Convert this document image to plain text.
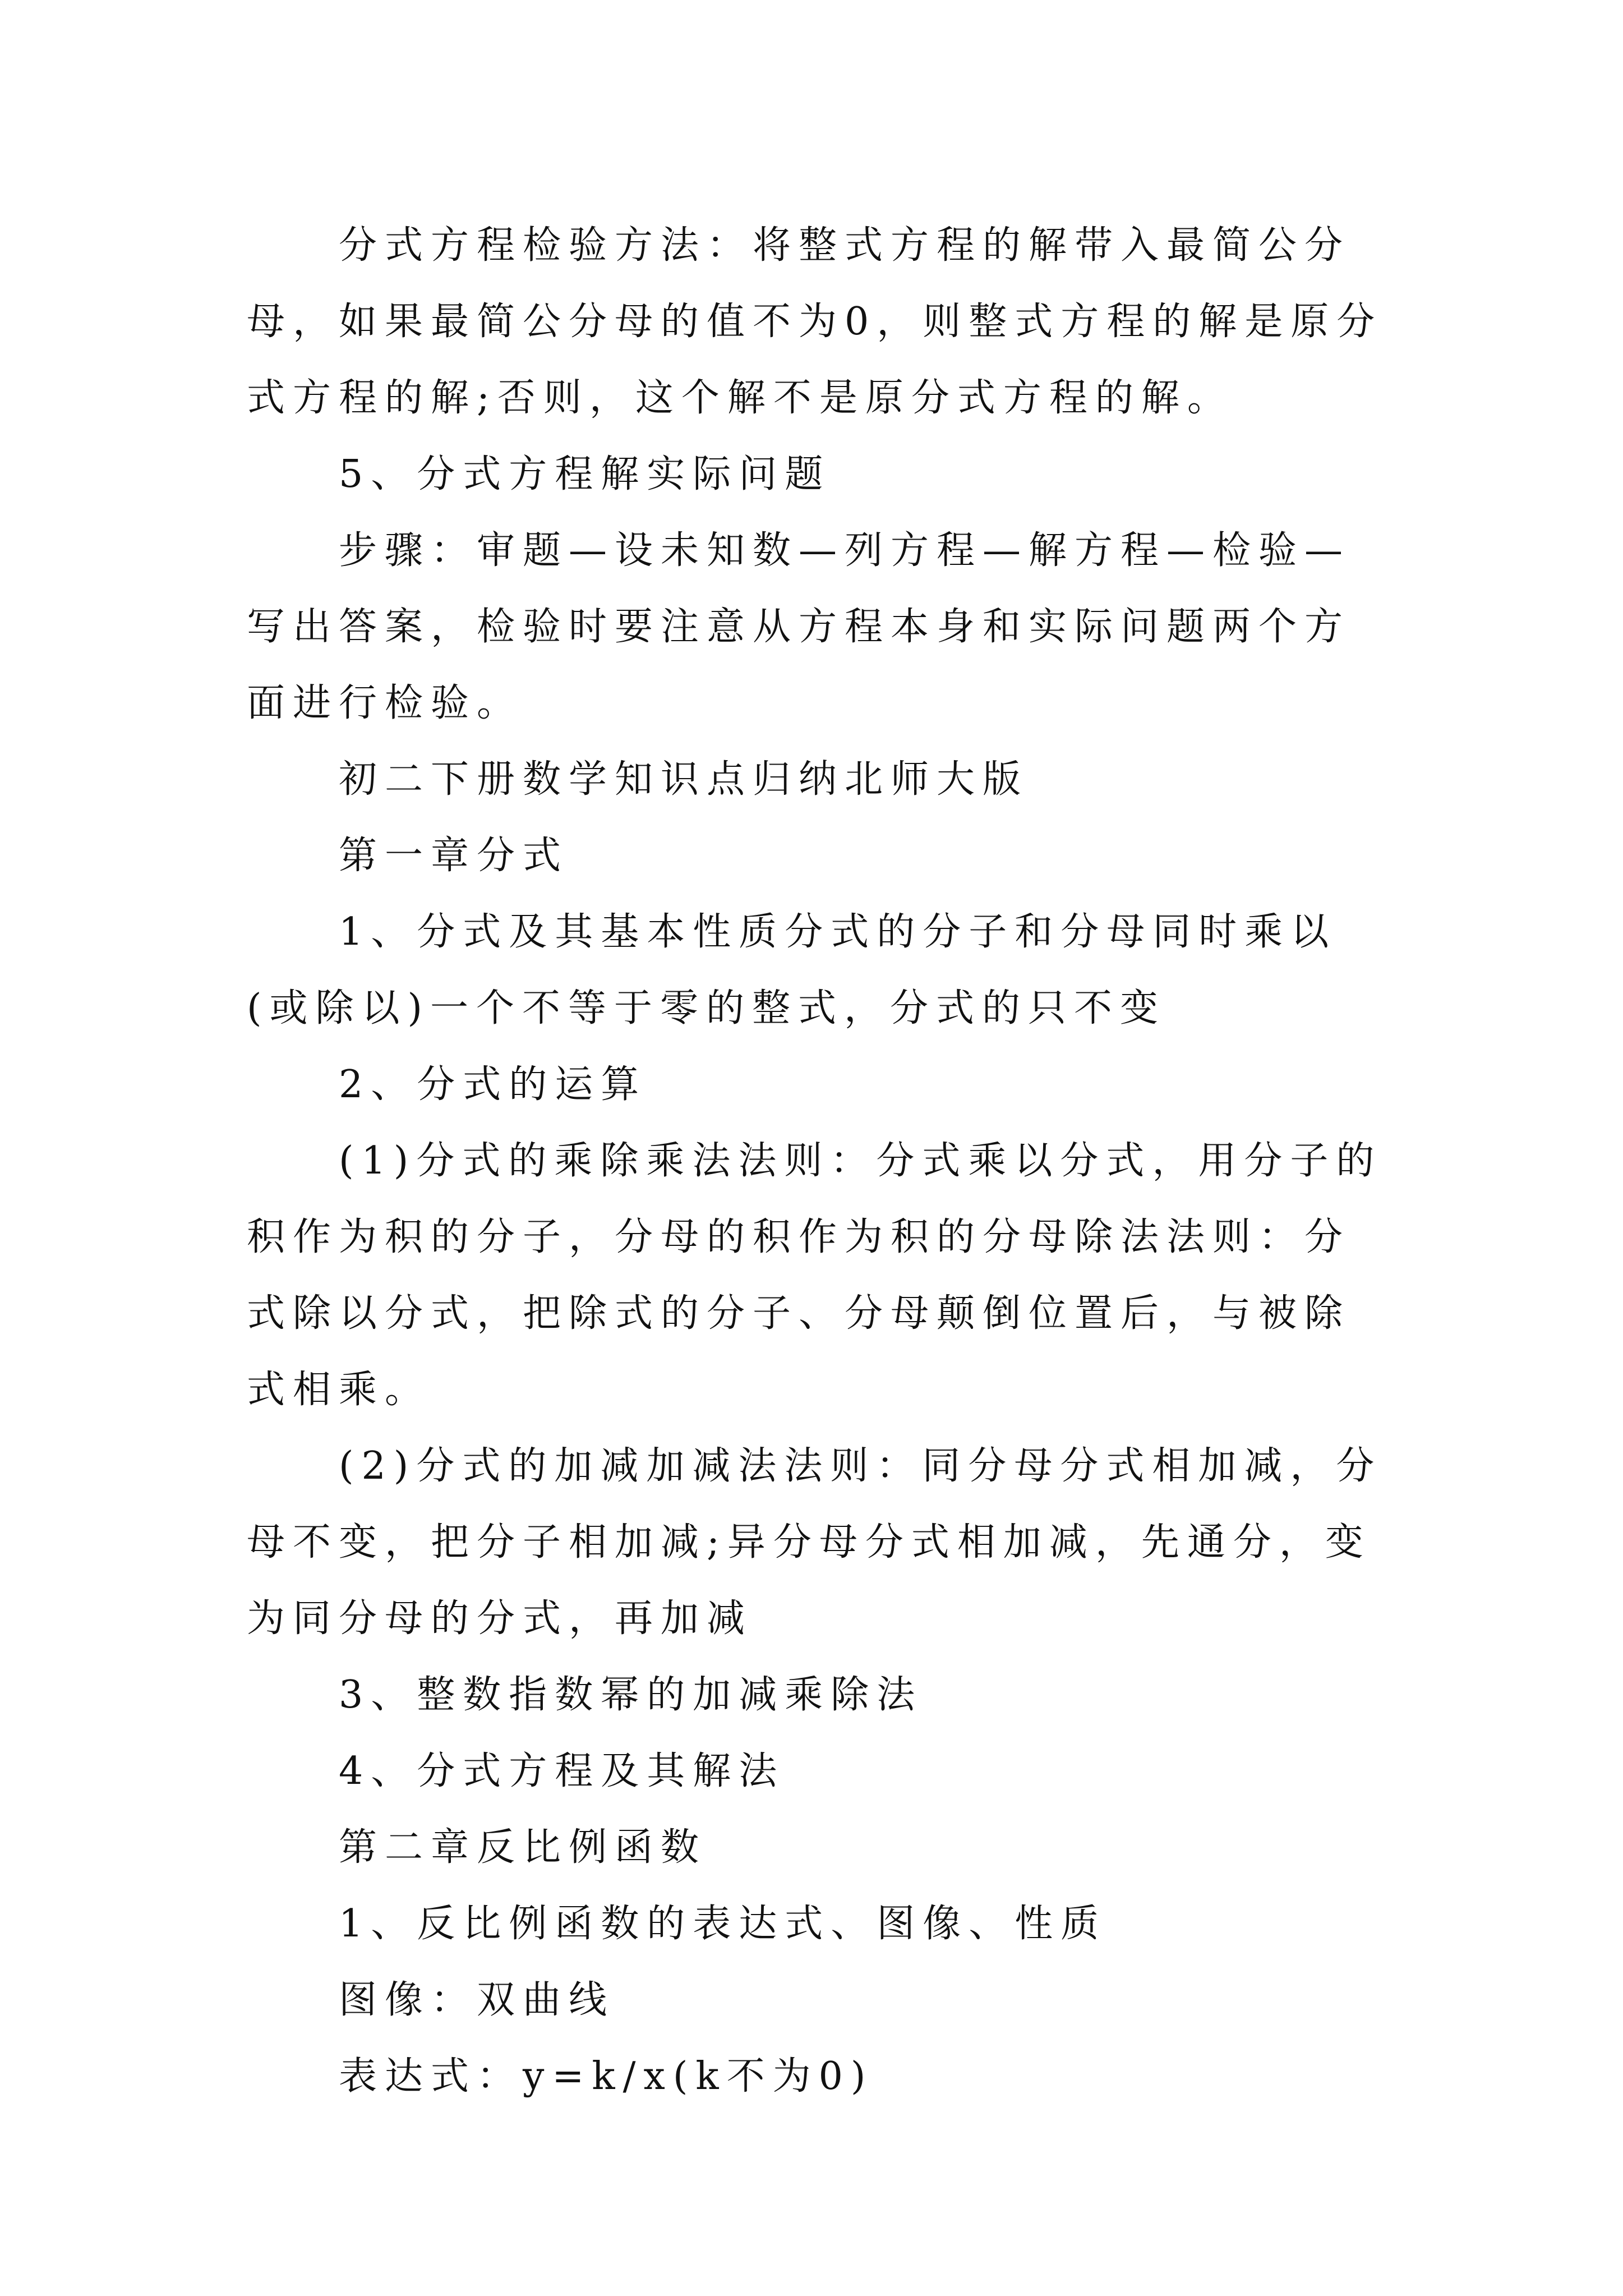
分式方程检验方法：将整式方程的解带入最简公分母，如果最简公分母的值不为0，则整式方程的解是原分式方程的解;否则，这个解不是原分式方程的解。

5、分式方程解实际问题

步骤：审题—设未知数—列方程—解方程—检验—写出答案，检验时要注意从方程本身和实际问题两个方面进行检验。

初二下册数学知识点归纳北师大版

第一章分式

1、分式及其基本性质分式的分子和分母同时乘以(或除以)一个不等于零的整式，分式的只不变

2、分式的运算

(1)分式的乘除乘法法则：分式乘以分式，用分子的积作为积的分子，分母的积作为积的分母除法法则：分式除以分式，把除式的分子、分母颠倒位置后，与被除式相乘。

(2)分式的加减加减法法则：同分母分式相加减，分母不变，把分子相加减;异分母分式相加减，先通分，变为同分母的分式，再加减

3、整数指数幂的加减乘除法

4、分式方程及其解法

第二章反比例函数

1、反比例函数的表达式、图像、性质

图像：双曲线

表达式：y=k/x(k不为0)
